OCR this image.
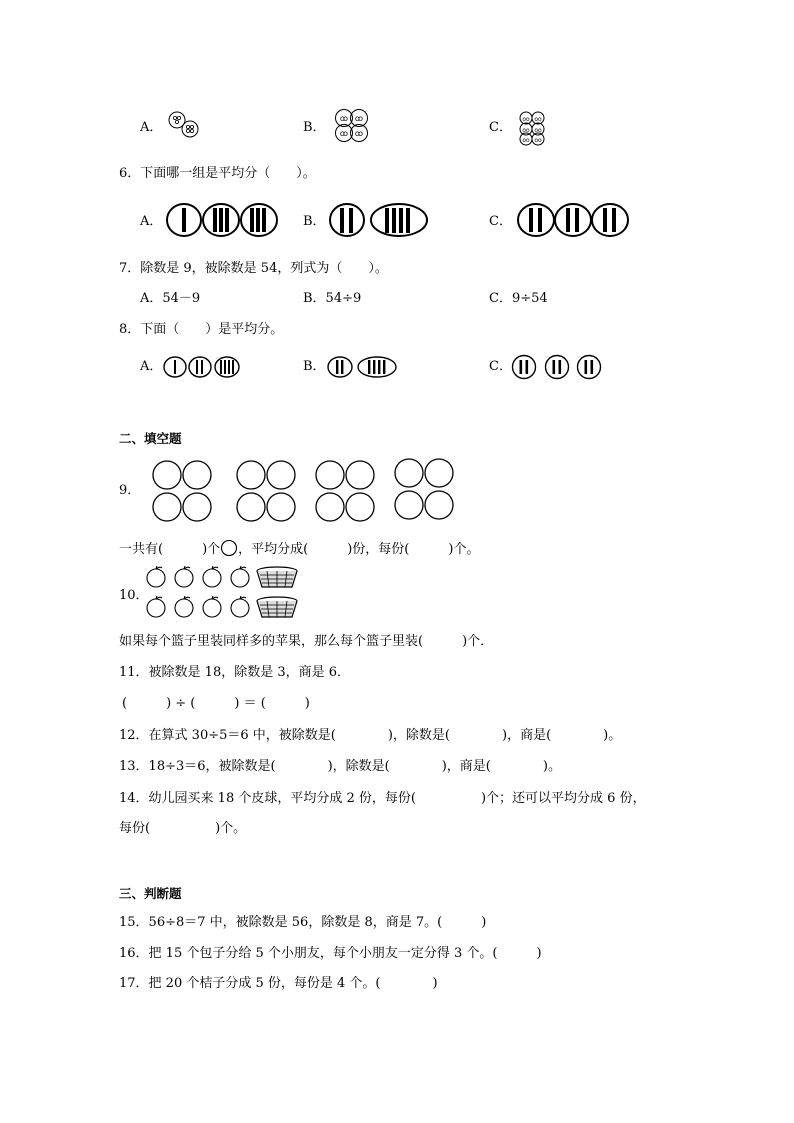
A．	B．
ꝏ ꝏ
ꝏ ꝏ	C．
oo oo
oo oo
oo oo
6．下面哪一组是平均分（　　）。
A．	B．	C．
7．除数是 9，被除数是 54，列式为（　　）。
A．54－9	B．54÷9	C．9÷54
8．下面（　　）是平均分。
A．	B．	C．
二、填空题
9．
一共有(　　　)个 ，平均分成(　　　)份，每份(　　　)个。
10．
如果每个篮子里装同样多的苹果，那么每个篮子里装(　　　)个．
11．被除数是 18，除数是 3，商是 6．
(　　　) ÷ (　　　) ＝ (　　　)
12．在算式 30÷5＝6 中，被除数是(　　　　)，除数是(　　　　)，商是(　　　　)。
13．18÷3＝6，被除数是(　　　　)，除数是(　　　　)，商是(　　　　)。
14．幼儿园买来 18 个皮球，平均分成 2 份，每份(　　　　　)个；还可以平均分成 6 份，
每份(　　　　　)个。
三、判断题
15．56÷8＝7 中，被除数是 56，除数是 8，商是 7。(　　　)
16．把 15 个包子分给 5 个小朋友，每个小朋友一定分得 3 个。(　　　)
17．把 20 个桔子分成 5 份，每份是 4 个。(　　　　)
